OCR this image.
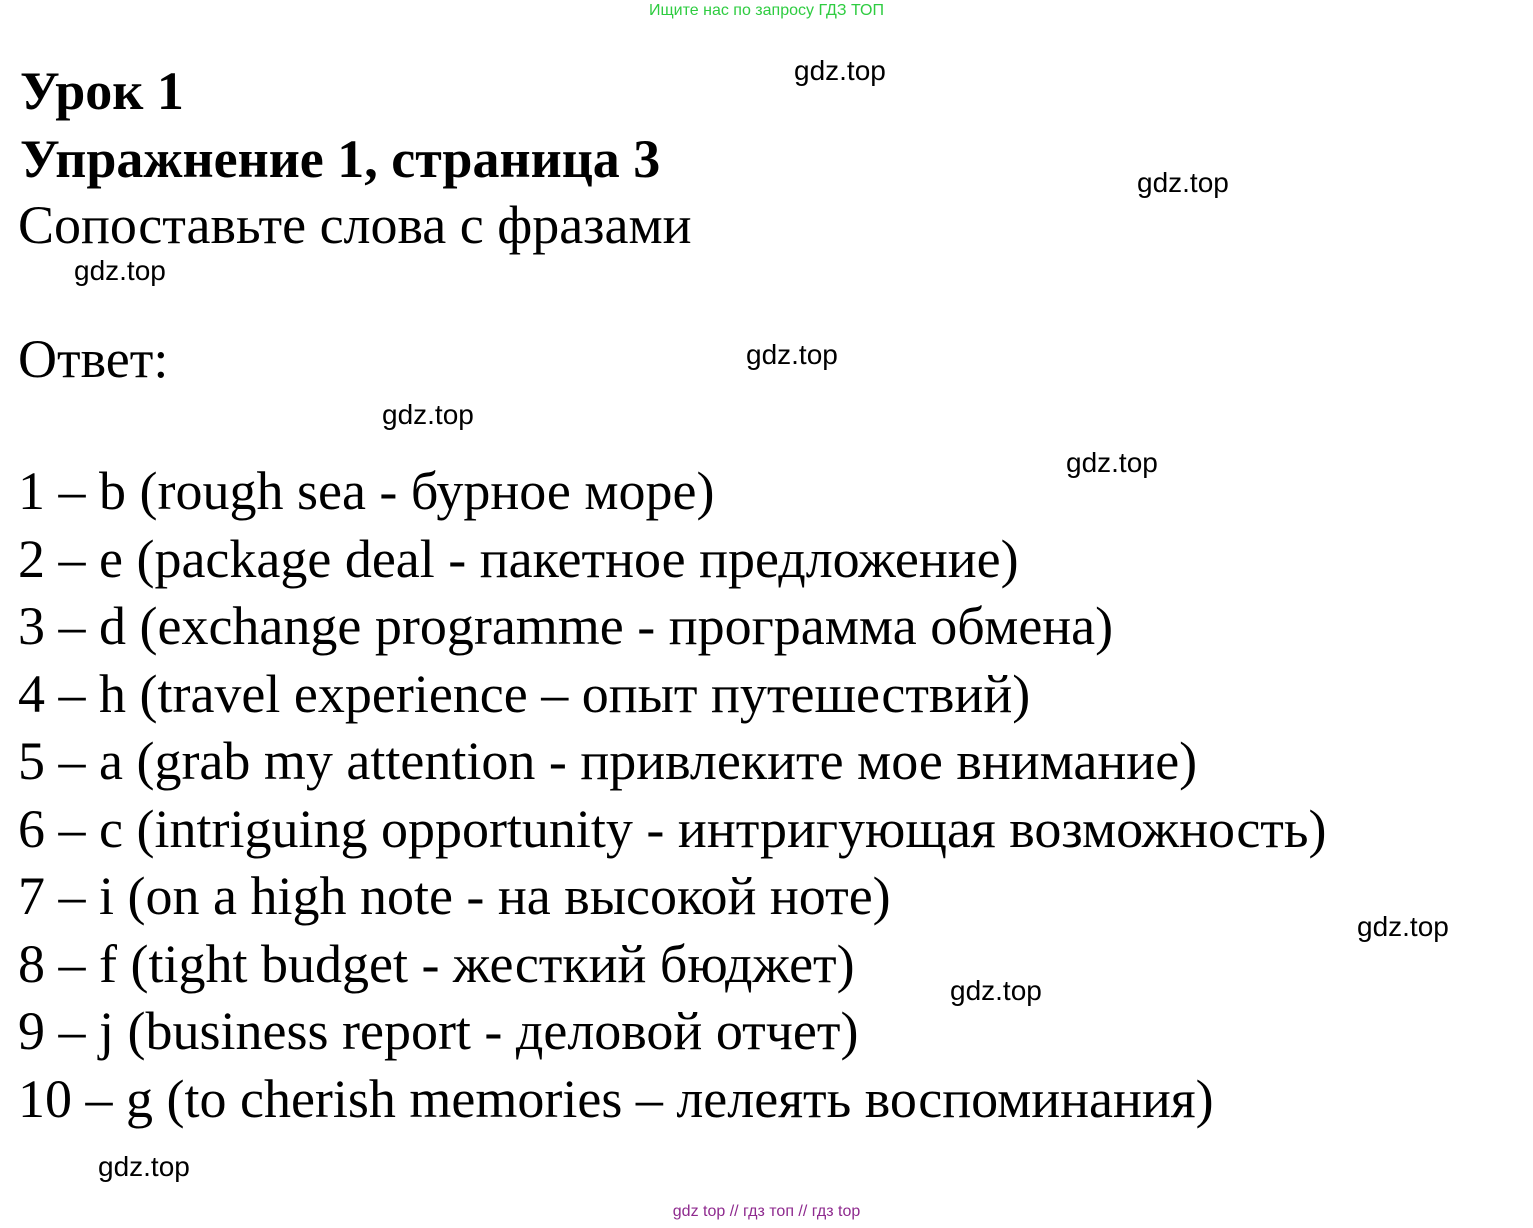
Ищите нас по запросу ГДЗ ТОП
Урок 1
Упражнение 1, страница 3

Сопоставьте слова с фразами

Ответ:

1 – b (rough sea - бурное море)
2 – e (package deal - пакетное предложение)
3 – d (exchange programme - программа обмена)
4 – h (travel experience – опыт путешествий)
5 – a (grab my attention - привлеките мое внимание)
6 – c (intriguing opportunity - интригующая возможность)
7 – i (on a high note - на высокой ноте)
8 – f (tight budget - жесткий бюджет)
9 – j (business report - деловой отчет)
10 – g (to cherish memories – лелеять воспоминания)
gdz.top
gdz.top
gdz.top
gdz.top
gdz.top
gdz.top
gdz.top
gdz.top
gdz.top
gdz top // гдз топ // гдз top
